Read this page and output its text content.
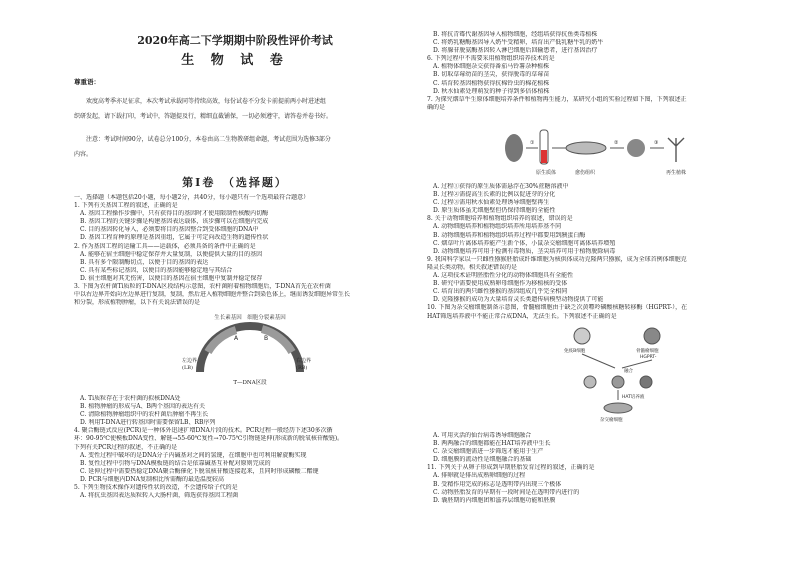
2020年高二下学期期中阶段性评价考试
生 物 试 卷
尊重语：
　　欢度高考季亦足征求，本次考试承载同等持续高效，每份试卷不分发卡前提前两小时进述组
织研发起，请下载打印，考试中，答题提及行，精细直截铺保，一切必须遵守，请答卷并卷书好。
　　注意：考试时间90分，试卷总分100分，本卷由高二生物教研组命题，考试范围为选修3部分
内容。
第Ⅰ卷　（选择题）
一、选择题（本题包括20小题，每小题2分，共40分，每小题只有一个选项最符合题意）
1. 下列有关基因工程的叙述，正确的是
A. 基因工程操作步骤中，只有获得目的基因时才使用限制性核酸内切酶
B. 基因工程的关键步骤是构建基因表达载体，该步骤可以在细胞内完成
C. 目的基因转化导入，必须要将目的基因整合到受体细胞的DNA中
D. 基因工程育种的原理是基因重组，它属于可定向改造生物的遗传性状
2. 作为基因工程的运输工具——运载体，必须具备的条件中正确的是
A. 能够在宿主细胞中稳定保存并大量复制，以便提供大量的目的基因
B. 具有多个限制酶切点，以便于目的基因的表达
C. 具有某些标记基因，以便目的基因能够稳定地与其结合
D. 宿主细胞对其无伤害，以便目的基因在宿主细胞中复制并稳定保存
3. 下图为农杆菌Ti质粒的T-DNA区段结构示意图，农杆菌附着植物细胞后，T-DNA首先在农杆菌
中以右边界开始向左边界进行复制，复制，然后进入植物细胞并整合到染色体上，继而诱发细胞异常生长
和分裂，形成植物肿瘤，以下有关说法错误的是
生长素基因　细胞分裂素基因
A	B
左边界
(LB)
右边界
(RB)
T—DNA区段
A. Ti质粒存在于农杆菌的拟核DNA处
B. 植物肿瘤的形成与A、B两个基因的表达有关
C. 清除植物肿瘤组织中的农杆菌后肿瘤不再生长
D. 利用T-DNA进行转基因时需要保留LB、RB序列
4. 聚合酶链式反应(PCR)是一种体外迅速扩增DNA片段的技术。PCR过程一般经历下述30多次循
环：90-95℃使模板DNA变性、解链→55-60℃复性→70-75℃引物链延伸(形成新的脱氧核苷酸链)。
下列有关PCR过程的叙述，不正确的是
A. 变性过程中破坏的是DNA分子内碱基对之间的氢键，在细胞中也可利用解旋酶实现
B. 复性过程中引物与DNA模板链的结合是依靠碱基互补配对原则完成的
C. 延伸过程中需要热稳定DNA聚合酶催化下脱氧核苷酸连接起来，且同时形成磷酸二酯键
D. PCR与细胞内DNA复制相比所需酶的最适温度较高
5. 下列生物技术操作对遗传性状的改造，不会遗传给子代的是
A. 将抗虫基因表达质粒转入大肠杆菌，筛选获得基因工程菌
B. 将抗青霉代谢基因导入植物细胞，经组培获得抗鱼类毒植株
C. 将奶乳糖酶基因导入奶牛受精卵，培育出产低乳糖牛乳的奶牛
D. 将腺苷脱氨酶基因转入淋巴细胞后回输患者，进行基因治疗
6. 下列过程中不需要采用植物组织培养技术的是
A. 植物体细胞杂交获得番茄马铃薯杂种植株
B. 切取草莓幼苗的茎尖，获得脱毒的草莓苗
C. 培育转基因植物获得抗棉铃虫的棉花植株
D. 秋水仙素处理萌发的种子得到多倍体植株
7. 为探究烟草牛生原体细胞培养条件和植物再生能力，某研究小组的实验过程如下图，下列叙述正
确的是
①
原生质体	愈伤组织
②	③
再生植株
A. 过程①获得的原生质体需悬浮在30%蔗糖溶液中
B. 过程②需提高生长素的比例以促进芽的分化
C. 过程③需用秋水仙素处理诱导细胞壁再生
D. 原生质体虽无细胞壁但仍保持细胞的全能性
8. 关于动物细胞培养和植物组织培养的叙述，错误的是
A. 动物细胞培养和植物组织培养所用培养基不同
B. 动物细胞培养和植物组织培养过程中都要用到胰蛋白酶
C. 烟草叶片离体培养能产生新个体，小鼠杂交瘤细胞可离体培养增殖
D. 动物细胞培养可用于检测有毒物质，茎尖培养可用于植物脱除病毒
9. 我国科学家以一只雌性猕猴胚胎成纤维细胞为核供体成功克隆两只猕猴，成为全球首例体细胞克
隆灵长类动物。相关叙述错误的是
A. 这项技术证明胚胎性分化的动物体细胞具有全能性
B. 研究中需要使用成熟卵母细胞作为移植核的受体
C. 培育出的两只雌性猕猴的基因组成几乎完全相同
D. 克隆猕猴的成功为大量培育灵长类遗传病模型动物提供了可能
10. 下图为杂交瘤细胞制备示意图，骨髓瘤细胞由于缺乏次黄嘌呤磷酸核糖转移酶（HGPRT-），在
HAT筛选培养液中不能正常合成DNA，无法生长。下列叙述不正确的是
免疫B细胞	骨髓瘤细胞
HGPRT-
融合
HAT培养液
杂交瘤细胞
A. 可用灭活的仙台病毒诱导细胞融合
B. 两两融合的细胞都能在HAT培养液中生长
C. 杂交瘤细胞需进一步筛选才能用于生产
D. 细胞膜的流动性是细胞融合的基础
11. 下列关于从卵子形成到早期胚胎发育过程的叙述，正确的是
A. 排卵就是排出成熟卵细胞的过程
B. 受精作用完成的标志是透明带内出现三个极体
C. 动物胚胎发育的早期有一段时间是在透明带内进行的
D. 囊胚期的内细胞团和滋养层细胞功能和胚膜
